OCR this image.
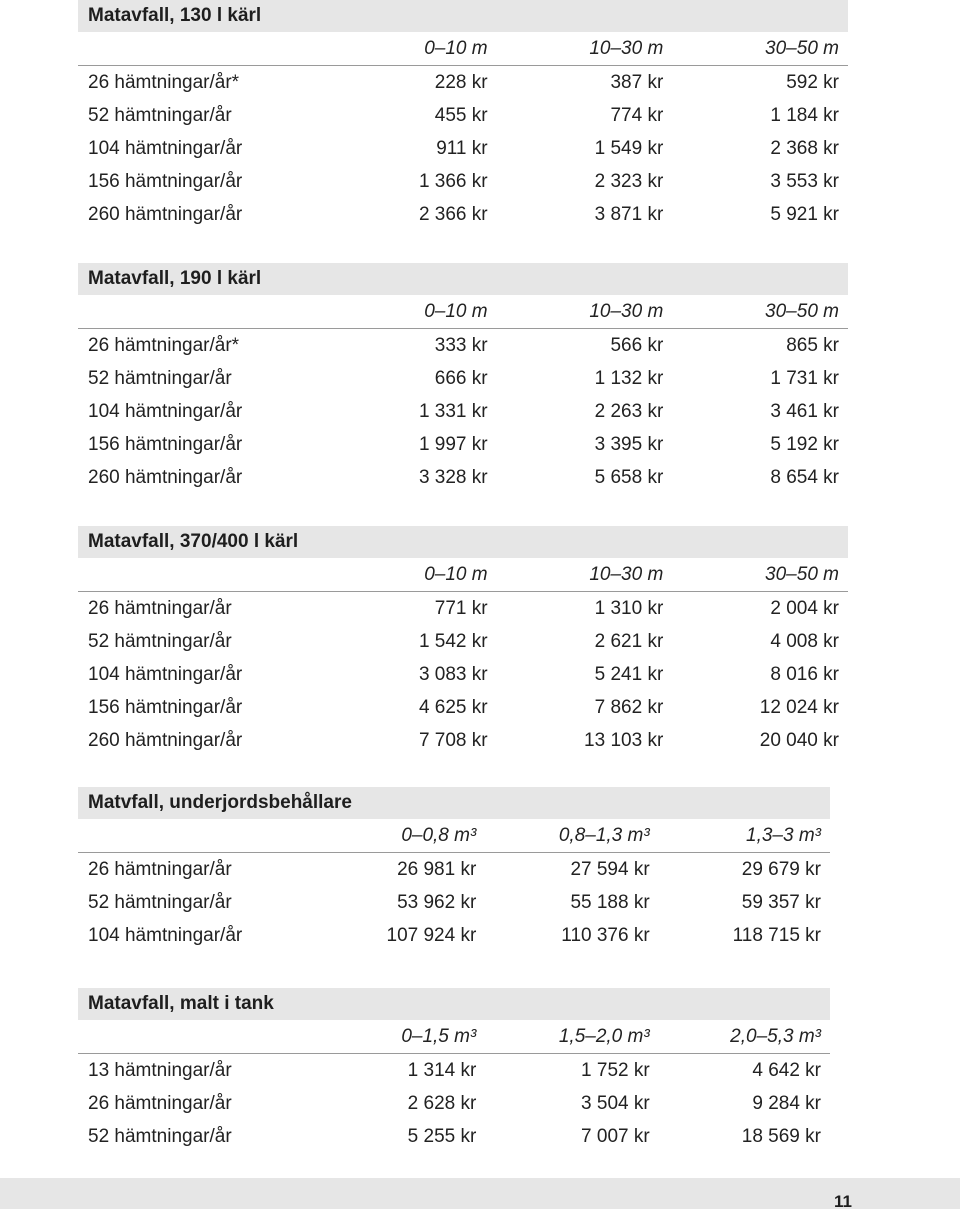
Matavfall, 130 l kärl
	0–10 m	10–30 m	30–50 m
26 hämtningar/år*	228 kr	387 kr	592 kr
52 hämtningar/år	455 kr	774 kr	1 184 kr
104 hämtningar/år	911 kr	1 549 kr	2 368 kr
156 hämtningar/år	1 366 kr	2 323 kr	3 553 kr
260 hämtningar/år	2 366 kr	3 871 kr	5 921 kr
Matavfall, 190 l kärl
	0–10 m	10–30 m	30–50 m
26 hämtningar/år*	333 kr	566 kr	865 kr
52 hämtningar/år	666 kr	1 132 kr	1 731 kr
104 hämtningar/år	1 331 kr	2 263 kr	3 461 kr
156 hämtningar/år	1 997 kr	3 395 kr	5 192 kr
260 hämtningar/år	3 328 kr	5 658 kr	8 654 kr
Matavfall, 370/400 l kärl
	0–10 m	10–30 m	30–50 m
26 hämtningar/år	771 kr	1 310 kr	2 004 kr
52 hämtningar/år	1 542 kr	2 621 kr	4 008 kr
104 hämtningar/år	3 083 kr	5 241 kr	8 016 kr
156 hämtningar/år	4 625 kr	7 862 kr	12 024 kr
260 hämtningar/år	7 708 kr	13 103 kr	20 040 kr
Matvfall, underjordsbehållare
	0–0,8 m³	0,8–1,3 m³	1,3–3 m³
26 hämtningar/år	26 981 kr	27 594 kr	29 679 kr
52 hämtningar/år	53 962 kr	55 188 kr	59 357 kr
104 hämtningar/år	107 924 kr	110 376 kr	118 715 kr
Matavfall, malt i tank
	0–1,5 m³	1,5–2,0 m³	2,0–5,3 m³
13 hämtningar/år	1 314 kr	1 752 kr	4 642 kr
26 hämtningar/år	2 628 kr	3 504 kr	9 284 kr
52 hämtningar/år	5 255 kr	7 007 kr	18 569 kr
11
